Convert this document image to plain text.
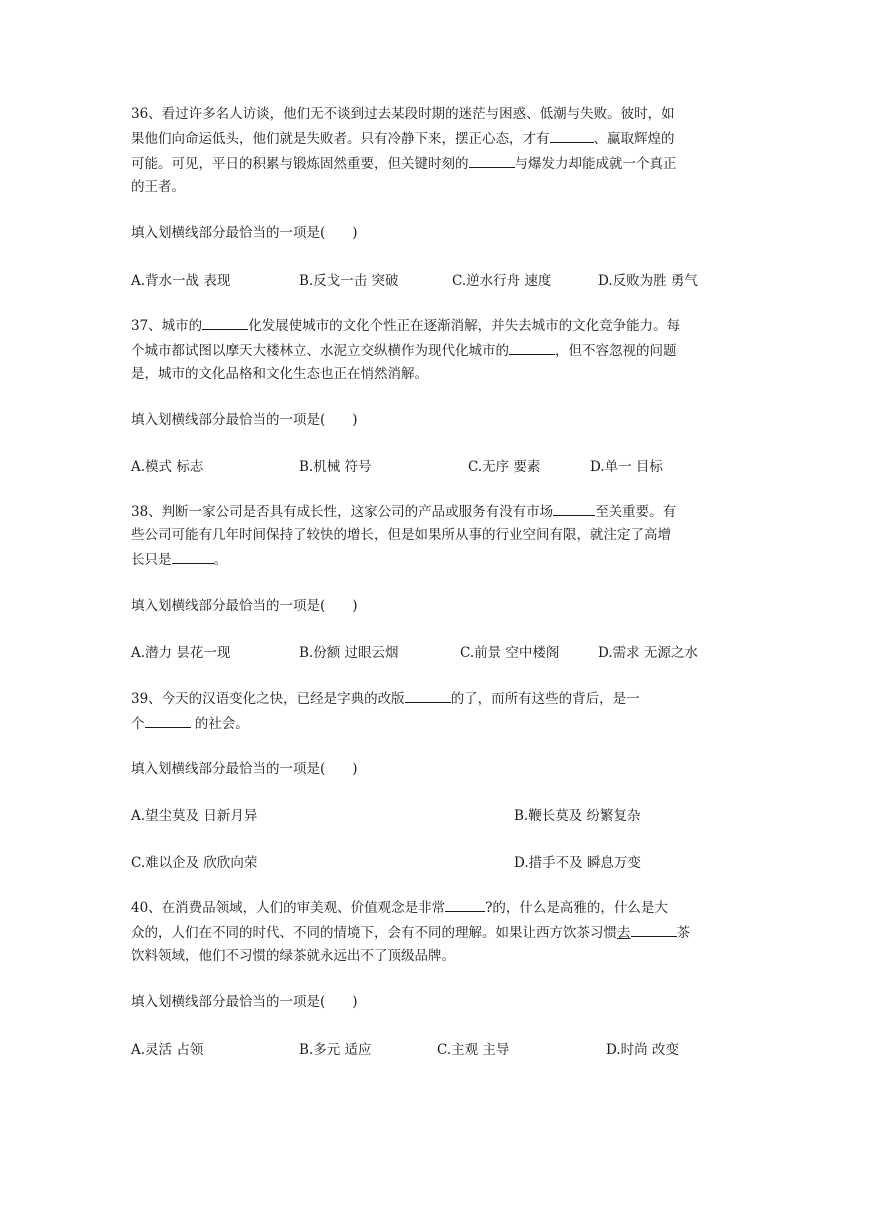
36、看过许多名人访谈，他们无不谈到过去某段时期的迷茫与困惑、低潮与失败。彼时，如
果他们向命运低头，他们就是失败者。只有冷静下来，摆正心态，才有	、赢取辉煌的
可能。可见，平日的积累与锻炼固然重要，但关键时刻的	与爆发力却能成就一个真正
的王者。
填入划横线部分最恰当的一项是(　　)
A.背水一战 表现	B.反戈一击 突破	C.逆水行舟 速度	D.反败为胜 勇气
37、城市的	化发展使城市的文化个性正在逐渐消解，并失去城市的文化竞争能力。每
个城市都试图以摩天大楼林立、水泥立交纵横作为现代化城市的	，但不容忽视的问题
是，城市的文化品格和文化生态也正在悄然消解。
填入划横线部分最恰当的一项是(　　)
A.模式 标志	B.机械 符号	C.无序 要素	D.单一 目标
38、判断一家公司是否具有成长性，这家公司的产品或服务有没有市场	至关重要。有
些公司可能有几年时间保持了较快的增长，但是如果所从事的行业空间有限，就注定了高增
长只是	。
填入划横线部分最恰当的一项是(　　)
A.潜力 昙花一现	B.份额 过眼云烟	C.前景 空中楼阁	D.需求 无源之水
39、今天的汉语变化之快，已经是字典的改版	的了，而所有这些的背后，是一
个	的社会。
填入划横线部分最恰当的一项是(　　)
A.望尘莫及 日新月异	B.鞭长莫及 纷繁复杂
C.难以企及 欣欣向荣	D.措手不及 瞬息万变
40、在消费品领域，人们的审美观、价值观念是非常	?的，什么是高雅的，什么是大
众的，人们在不同的时代、不同的情境下，会有不同的理解。如果让西方饮茶习惯去	茶
饮料领域，他们不习惯的绿茶就永远出不了顶级品牌。
填入划横线部分最恰当的一项是(　　)
A.灵活 占领	B.多元 适应	C.主观 主导	D.时尚 改变
